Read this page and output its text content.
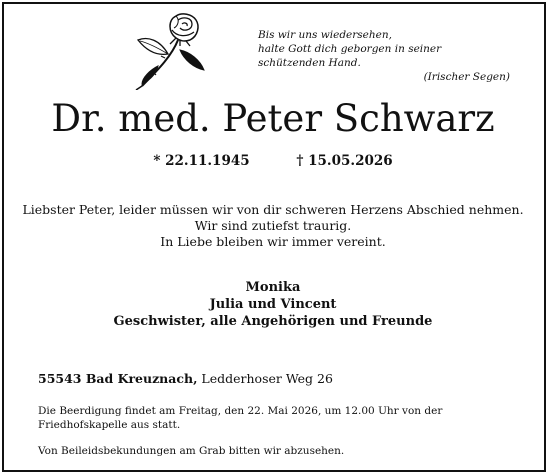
Bis wir uns wiedersehen,
halte Gott dich geborgen in seiner schützenden Hand.
(Irischer Segen)
Dr. med. Peter Schwarz
* 22.11.1945	† 15.05.2026
Liebster Peter, leider müssen wir von dir schweren Herzens Abschied nehmen.
Wir sind zutiefst traurig.
In Liebe bleiben wir immer vereint.
Monika
Julia und Vincent
Geschwister, alle Angehörigen und Freunde
55543 Bad Kreuznach, Ledderhoser Weg 26
Die Beerdigung findet am Freitag, den 22. Mai 2026, um 12.00 Uhr von der Friedhofskapelle aus statt.
Von Beileidsbekundungen am Grab bitten wir abzusehen.
